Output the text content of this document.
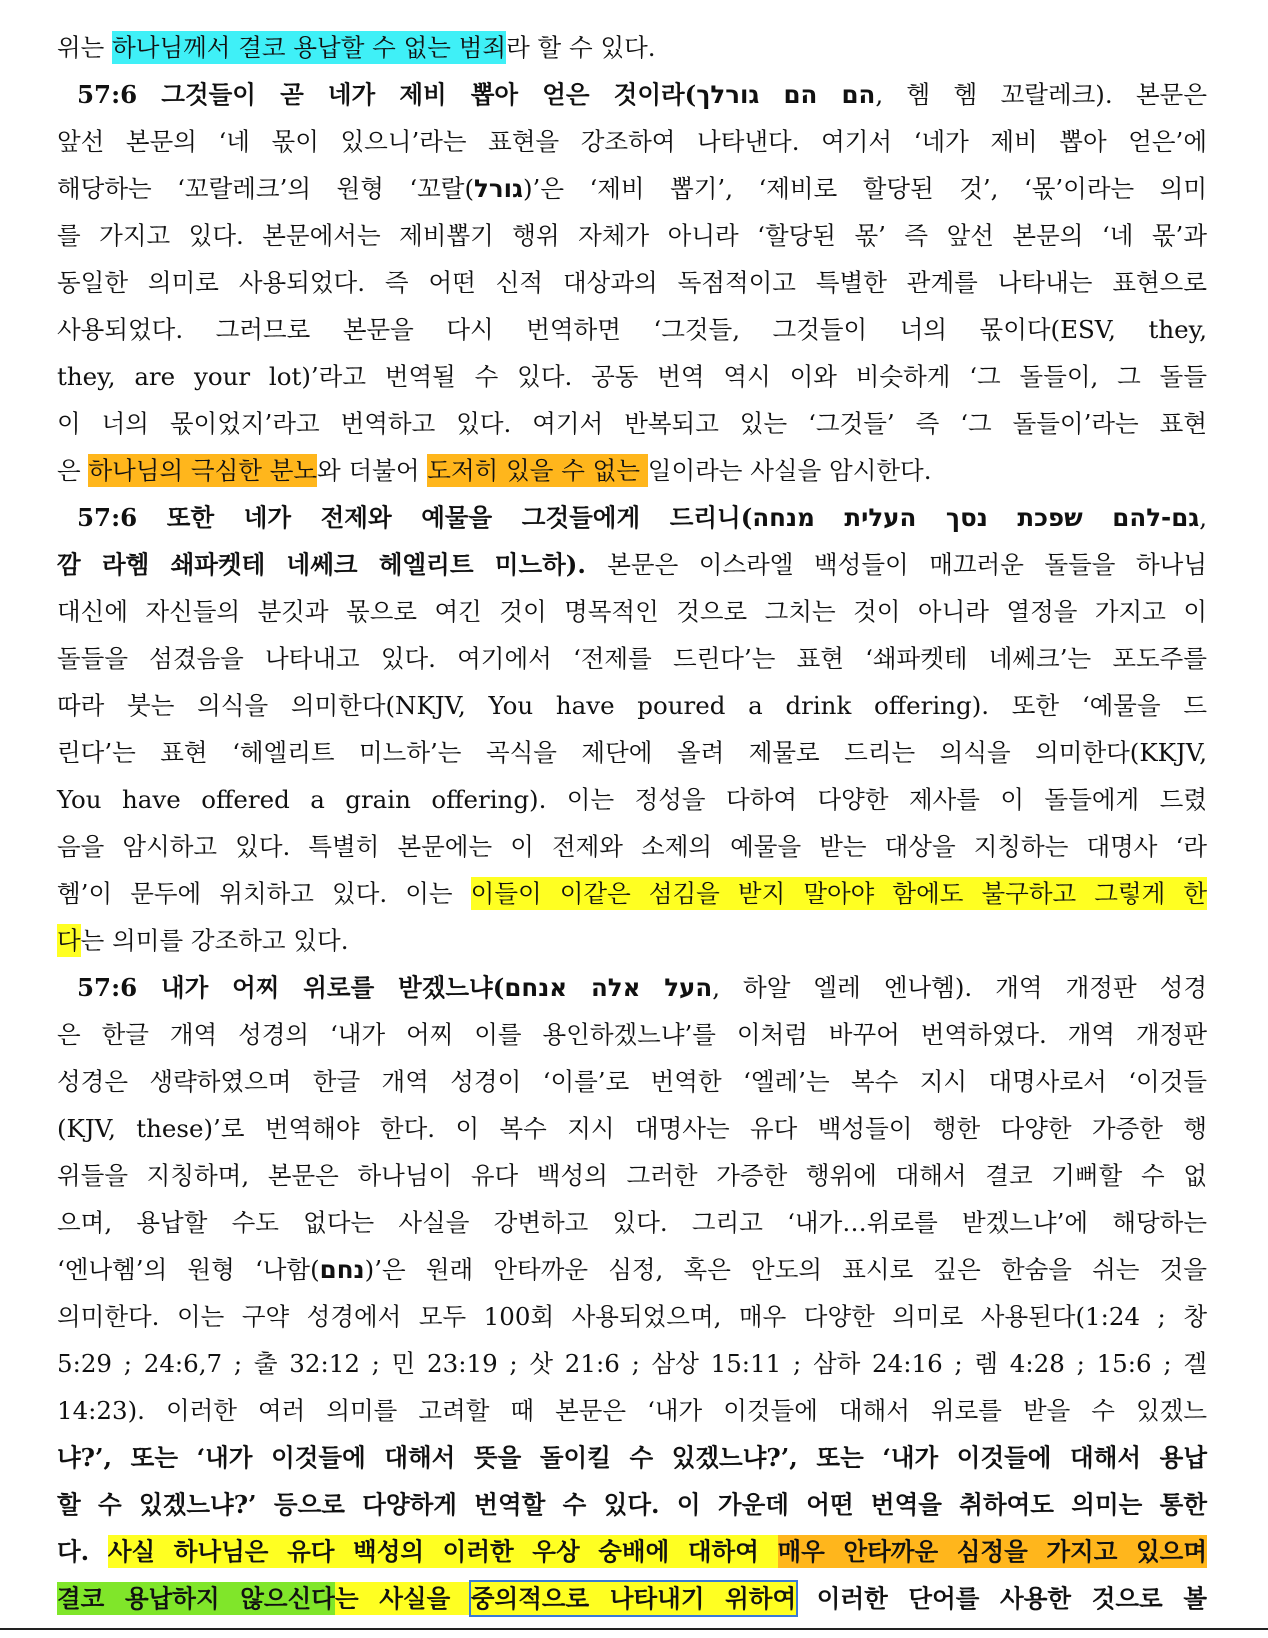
위는 하나님께서 결코 용납할 수 없는 범죄라 할 수 있다.
57:6 그것들이 곧 네가 제비 뽑아 얻은 것이라(הם הם גורלך, 헴 헴 꼬랄레크). 본문은
앞선 본문의 ‘네 몫이 있으니’라는 표현을 강조하여 나타낸다. 여기서 ‘네가 제비 뽑아 얻은’에
해당하는 ‘꼬랄레크’의 원형 ‘꼬랄(גורל)’은 ‘제비 뽑기’, ‘제비로 할당된 것’, ‘몫’이라는 의미
를 가지고 있다. 본문에서는 제비뽑기 행위 자체가 아니라 ‘할당된 몫’ 즉 앞선 본문의 ‘네 몫’과
동일한 의미로 사용되었다. 즉 어떤 신적 대상과의 독점적이고 특별한 관계를 나타내는 표현으로
사용되었다. 그러므로 본문을 다시 번역하면 ‘그것들, 그것들이 너의 몫이다(ESV, they,
they, are your lot)’라고 번역될 수 있다. 공동 번역 역시 이와 비슷하게 ‘그 돌들이, 그 돌들
이 너의 몫이었지’라고 번역하고 있다. 여기서 반복되고 있는 ‘그것들’ 즉 ‘그 돌들이’라는 표현
은 하나님의 극심한 분노와 더불어 도저히 있을 수 없는 일이라는 사실을 암시한다.
57:6 또한 네가 전제와 예물을 그것들에게 드리니(גם-להם שפכת נסך העלית מנחה,
깜 라헴 쇄파켓테 네쎄크 헤엘리트 미느하). 본문은 이스라엘 백성들이 매끄러운 돌들을 하나님
대신에 자신들의 분깃과 몫으로 여긴 것이 명목적인 것으로 그치는 것이 아니라 열정을 가지고 이
돌들을 섬겼음을 나타내고 있다. 여기에서 ‘전제를 드린다’는 표현 ‘쇄파켓테 네쎄크’는 포도주를
따라 붓는 의식을 의미한다(NKJV, You have poured a drink offering). 또한 ‘예물을 드
린다’는 표현 ‘헤엘리트 미느하’는 곡식을 제단에 올려 제물로 드리는 의식을 의미한다(KKJV,
You have offered a grain offering). 이는 정성을 다하여 다양한 제사를 이 돌들에게 드렸
음을 암시하고 있다. 특별히 본문에는 이 전제와 소제의 예물을 받는 대상을 지칭하는 대명사 ‘라
헴’이 문두에 위치하고 있다. 이는 이들이 이같은 섬김을 받지 말아야 함에도 불구하고 그렇게 한
다는 의미를 강조하고 있다.
57:6 내가 어찌 위로를 받겠느냐(העל אלה אנחם, 하알 엘레 엔나헴). 개역 개정판 성경
은 한글 개역 성경의 ‘내가 어찌 이를 용인하겠느냐’를 이처럼 바꾸어 번역하였다. 개역 개정판
성경은 생략하였으며 한글 개역 성경이 ‘이를’로 번역한 ‘엘레’는 복수 지시 대명사로서 ‘이것들
(KJV, these)’로 번역해야 한다. 이 복수 지시 대명사는 유다 백성들이 행한 다양한 가증한 행
위들을 지칭하며, 본문은 하나님이 유다 백성의 그러한 가증한 행위에 대해서 결코 기뻐할 수 없
으며, 용납할 수도 없다는 사실을 강변하고 있다. 그리고 ‘내가…위로를 받겠느냐’에 해당하는
‘엔나헴’의 원형 ‘나함(נחם)’은 원래 안타까운 심정, 혹은 안도의 표시로 깊은 한숨을 쉬는 것을
의미한다. 이는 구약 성경에서 모두 100회 사용되었으며, 매우 다양한 의미로 사용된다(1:24 ; 창
5:29 ; 24:6,7 ; 출 32:12 ; 민 23:19 ; 삿 21:6 ; 삼상 15:11 ; 삼하 24:16 ; 렘 4:28 ; 15:6 ; 겔
14:23). 이러한 여러 의미를 고려할 때 본문은 ‘내가 이것들에 대해서 위로를 받을 수 있겠느
냐?’, 또는 ‘내가 이것들에 대해서 뜻을 돌이킬 수 있겠느냐?’, 또는 ‘내가 이것들에 대해서 용납
할 수 있겠느냐?’ 등으로 다양하게 번역할 수 있다. 이 가운데 어떤 번역을 취하여도 의미는 통한
다. 사실 하나님은 유다 백성의 이러한 우상 숭배에 대하여 매우 안타까운 심정을 가지고 있으며
결코 용납하지 않으신다는 사실을 중의적으로 나타내기 위하여 이러한 단어를 사용한 것으로 볼
